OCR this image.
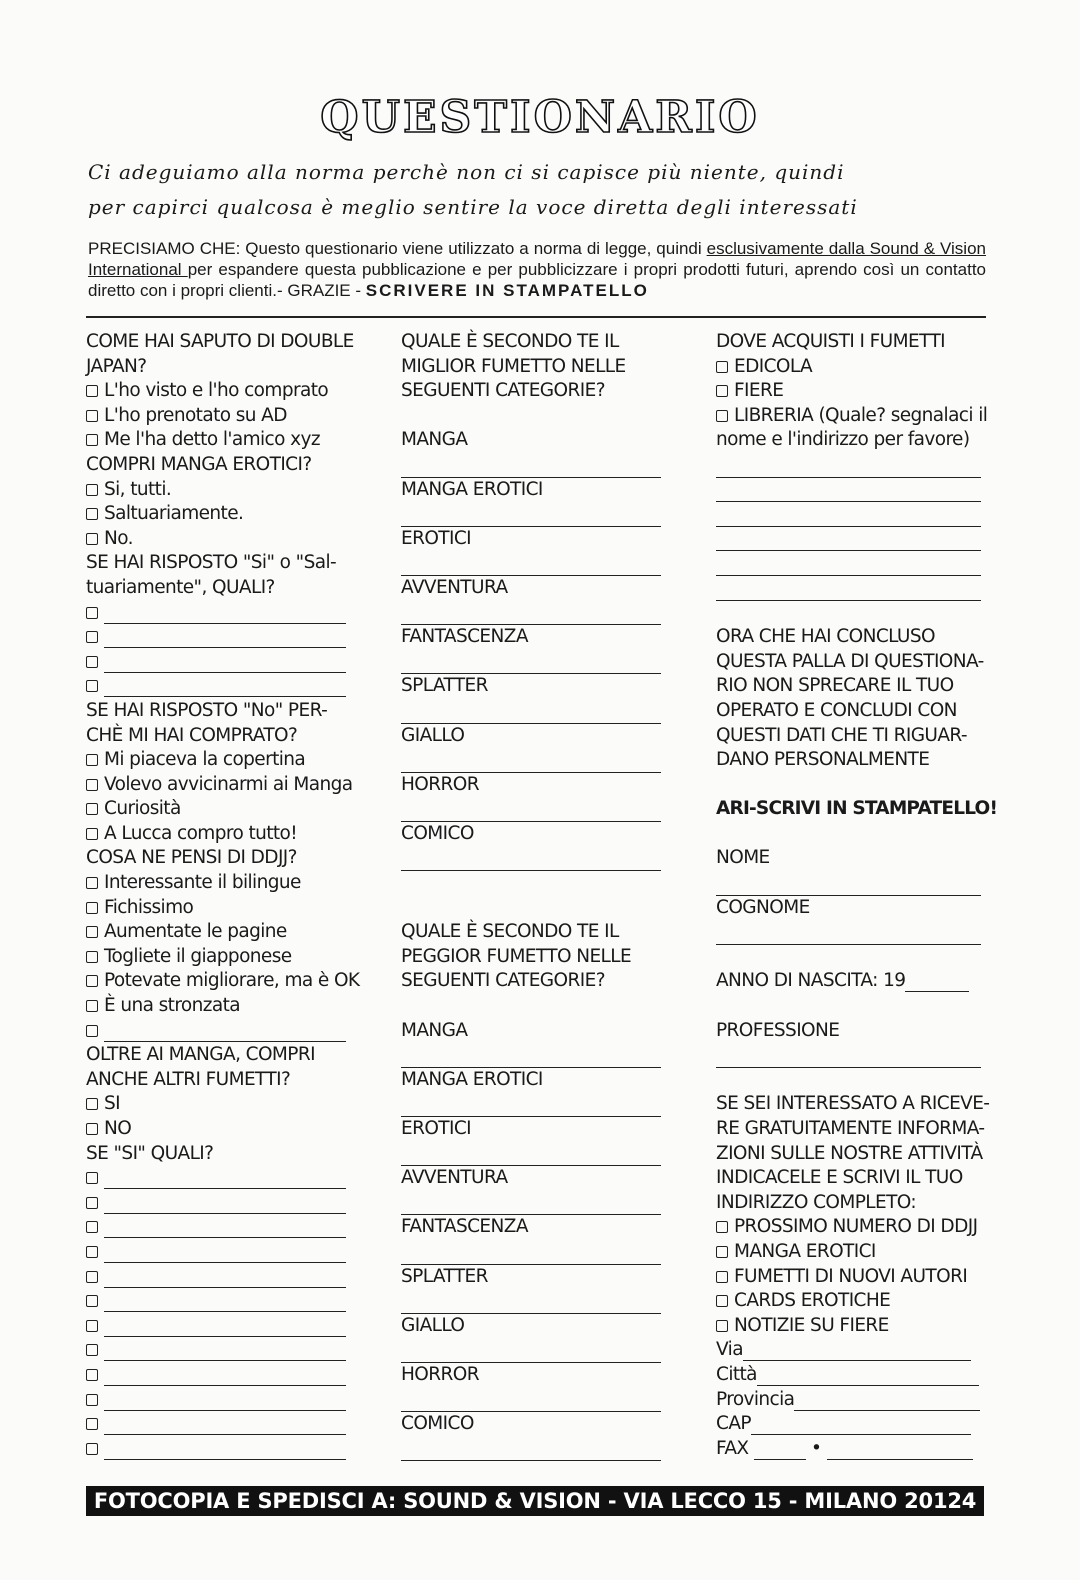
QUESTIONARIO
Ci adeguiamo alla norma perchè non ci si capisce più niente, quindi
per capirci qualcosa è meglio sentire la voce diretta degli interessati
PRECISIAMO CHE: Questo questionario viene utilizzato a norma di legge, quindi esclusivamente dalla Sound & Vision International per espandere questa pubblicazione e per pubblicizzare i propri prodotti futuri, aprendo così un contatto diretto con i propri clienti.- GRAZIE - SCRIVERE IN STAMPATELLO
COME HAI SAPUTO DI DOUBLE
JAPAN?
L'ho visto e l'ho comprato
L'ho prenotato su AD
Me l'ha detto l'amico xyz
COMPRI MANGA EROTICI?
Si, tutti.
Saltuariamente.
No.
SE HAI RISPOSTO "Si" o "Sal-
tuariamente", QUALI?
SE HAI RISPOSTO "No" PER-
CHÈ MI HAI COMPRATO?
Mi piaceva la copertina
Volevo avvicinarmi ai Manga
Curiosità
A Lucca compro tutto!
COSA NE PENSI DI DDJJ?
Interessante il bilingue
Fichissimo
Aumentate le pagine
Togliete il giapponese
Potevate migliorare, ma è OK
È una stronzata
OLTRE AI MANGA, COMPRI
ANCHE ALTRI FUMETTI?
SI
NO
SE "SI" QUALI?
QUALE È SECONDO TE IL
MIGLIOR FUMETTO NELLE
SEGUENTI CATEGORIE?
MANGA
MANGA EROTICI
EROTICI
AVVENTURA
FANTASCENZA
SPLATTER
GIALLO
HORROR
COMICO
QUALE È SECONDO TE IL
PEGGIOR FUMETTO NELLE
SEGUENTI CATEGORIE?
MANGA
MANGA EROTICI
EROTICI
AVVENTURA
FANTASCENZA
SPLATTER
GIALLO
HORROR
COMICO
DOVE ACQUISTI I FUMETTI
EDICOLA
FIERE
LIBRERIA (Quale? segnalaci il
nome e l'indirizzo per favore)
ORA CHE HAI CONCLUSO
QUESTA PALLA DI QUESTIONA-
RIO NON SPRECARE IL TUO
OPERATO E CONCLUDI CON
QUESTI DATI CHE TI RIGUAR-
DANO PERSONALMENTE
ARI-SCRIVI IN STAMPATELLO!
NOME
COGNOME
ANNO DI NASCITA: 19
PROFESSIONE
SE SEI INTERESSATO A RICEVE-
RE GRATUITAMENTE INFORMA-
ZIONI SULLE NOSTRE ATTIVITÀ
INDICACELE E SCRIVI IL TUO
INDIRIZZO COMPLETO:
PROSSIMO NUMERO DI DDJJ
MANGA EROTICI
FUMETTI DI NUOVI AUTORI
CARDS EROTICHE
NOTIZIE SU FIERE
Via
Città
Provincia
CAP
FAX	•
FOTOCOPIA E SPEDISCI A: SOUND & VISION - VIA LECCO 15 - MILANO 20124
